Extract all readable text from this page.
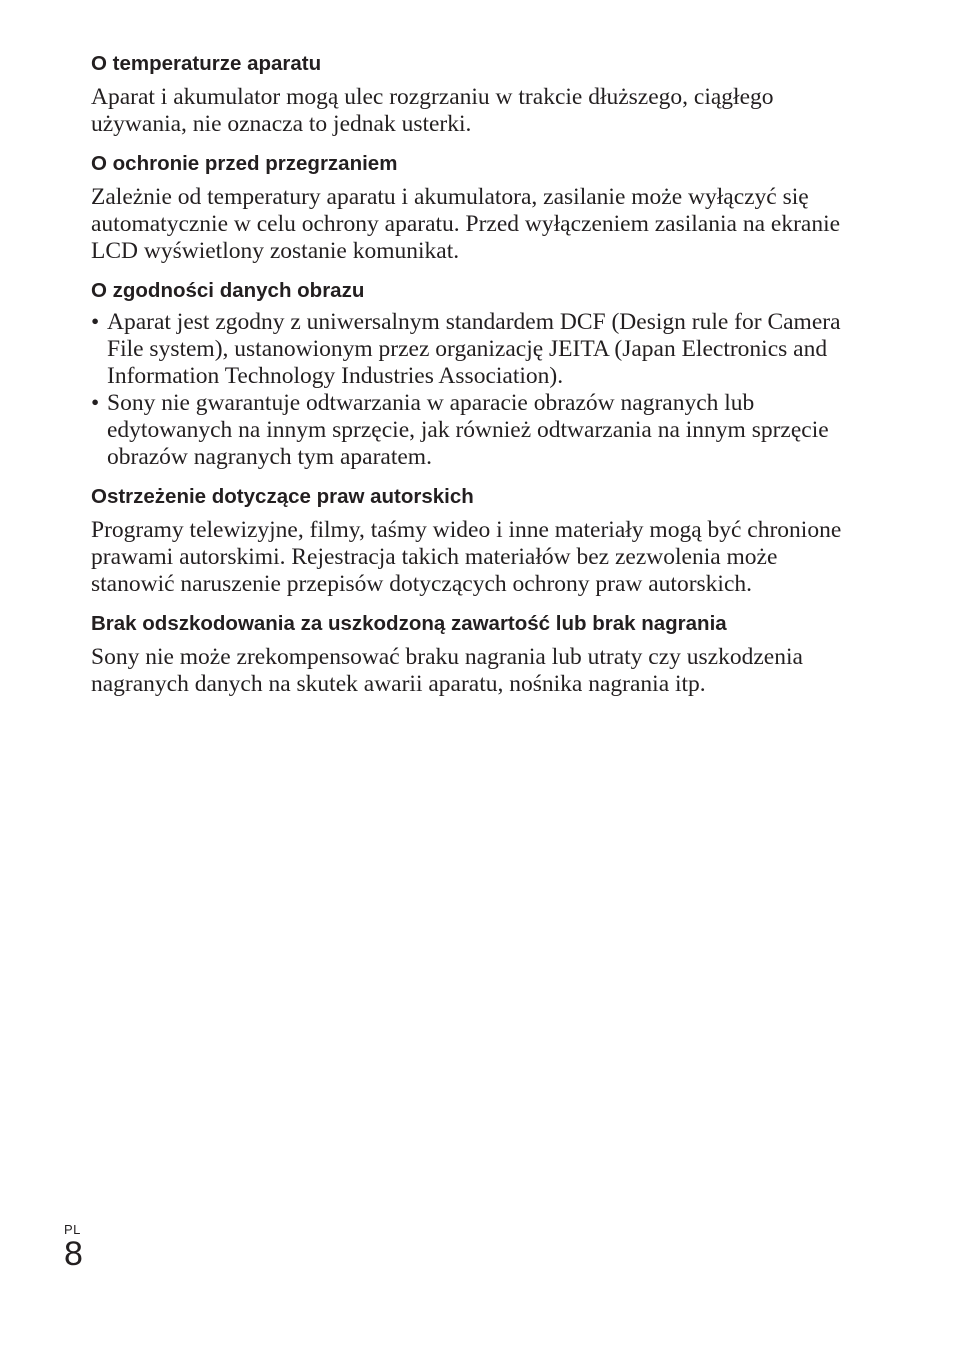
O temperaturze aparatu

Aparat i akumulator mogą ulec rozgrzaniu w trakcie dłuższego, ciągłego używania, nie oznacza to jednak usterki.

O ochronie przed przegrzaniem

Zależnie od temperatury aparatu i akumulatora, zasilanie może wyłączyć się automatycznie w celu ochrony aparatu. Przed wyłączeniem zasilania na ekranie LCD wyświetlony zostanie komunikat.

O zgodności danych obrazu
• Aparat jest zgodny z uniwersalnym standardem DCF (Design rule for Camera File system), ustanowionym przez organizację JEITA (Japan Electronics and Information Technology Industries Association).
• Sony nie gwarantuje odtwarzania w aparacie obrazów nagranych lub edytowanych na innym sprzęcie, jak również odtwarzania na innym sprzęcie obrazów nagranych tym aparatem.
Ostrzeżenie dotyczące praw autorskich

Programy telewizyjne, filmy, taśmy wideo i inne materiały mogą być chronione prawami autorskimi. Rejestracja takich materiałów bez zezwolenia może stanowić naruszenie przepisów dotyczących ochrony praw autorskich.

Brak odszkodowania za uszkodzoną zawartość lub brak nagrania

Sony nie może zrekompensować braku nagrania lub utraty czy uszkodzenia nagranych danych na skutek awarii aparatu, nośnika nagrania itp.

PL
8
